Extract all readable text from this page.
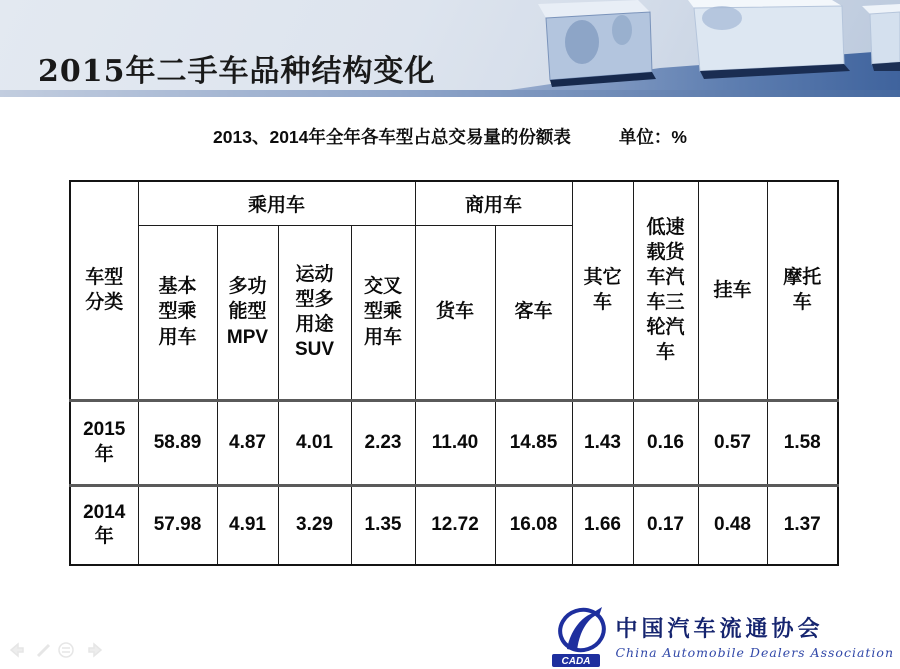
2015年二手车品种结构变化
2013、2014年全年各车型占总交易量的份额表	单位：%
车型分类	乘用车				商用车		其它车	低速载货车汽车三轮汽车	挂车	摩托车
	基本型乘用车	多功能型MPV	运动型多用途SUV	交叉型乘用车	货车	客车				
2015年	58.89	4.87	4.01	2.23	11.40	14.85	1.43	0.16	0.57	1.58
2014年	57.98	4.91	3.29	1.35	12.72	16.08	1.66	0.17	0.48	1.37
CADA
中国汽车流通协会
China Automobile Dealers Association
